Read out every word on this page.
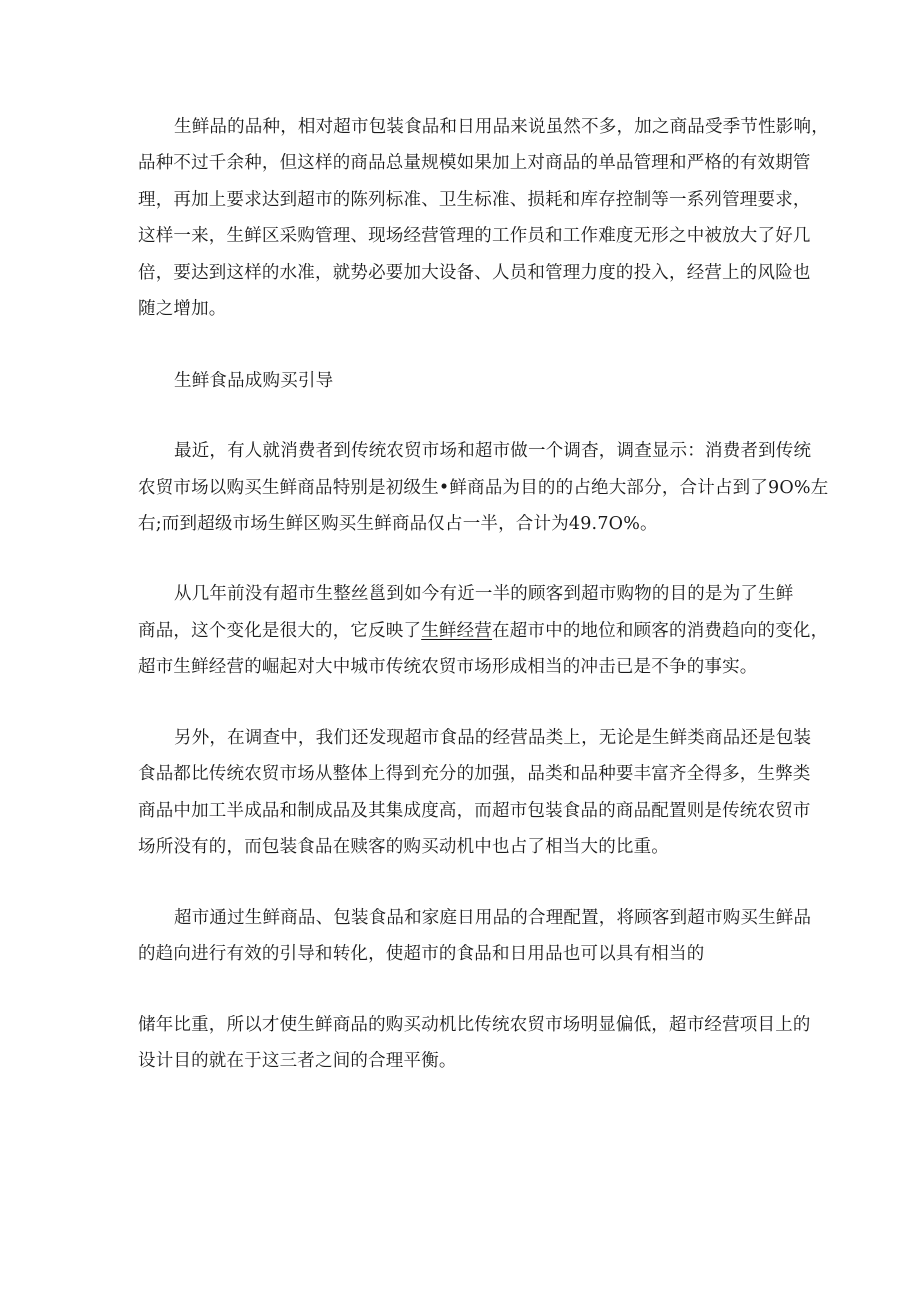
生鲜品的品种，相对超市包装食品和日用品来说虽然不多，加之商品受季节性影响，
品种不过千余种，但这样的商品总量规模如果加上对商品的单品管理和严格的有效期管
理，再加上要求达到超市的陈列标准、卫生标准、损耗和库存控制等一系列管理要求，
这样一来，生鲜区采购管理、现场经营管理的工作员和工作难度无形之中被放大了好几
倍，要达到这样的水准，就势必要加大设备、人员和管理力度的投入，经营上的风险也
随之增加。
生鲜食品成购买引导
最近，有人就消费者到传统农贸市场和超市做一个调杳，调查显示：消费者到传统
农贸市场以购买生鲜商品特别是初级生•鲜商品为目的的占绝大部分，合计占到了9O%左
右;而到超级市场生鲜区购买生鲜商品仅占一半，合计为49.7O%。
从几年前没有超市生整丝邕到如今有近一半的顾客到超市购物的目的是为了生鲜
商品，这个变化是很大的，它反映了生鲜经营在超市中的地位和顾客的消费趋向的变化，
超市生鲜经营的崛起对大中城市传统农贸市场形成相当的冲击已是不争的事实。
另外，在调查中，我们还发现超市食品的经营品类上，无论是生鲜类商品还是包装
食品都比传统农贸市场从整体上得到充分的加强，品类和品种要丰富齐全得多，生弊类
商品中加工半成品和制成品及其集成度高，而超市包装食品的商品配置则是传统农贸市
场所没有的，而包装食品在赎客的购买动机中也占了相当大的比重。
超市通过生鲜商品、包装食品和家庭日用品的合理配置，将顾客到超市购买生鲜品
的趋向进行有效的引导和转化，使超市的食品和日用品也可以具有相当的
储年比重，所以才使生鲜商品的购买动机比传统农贸市场明显偏低，超市经营项目上的
设计目的就在于这三者之间的合理平衡。
